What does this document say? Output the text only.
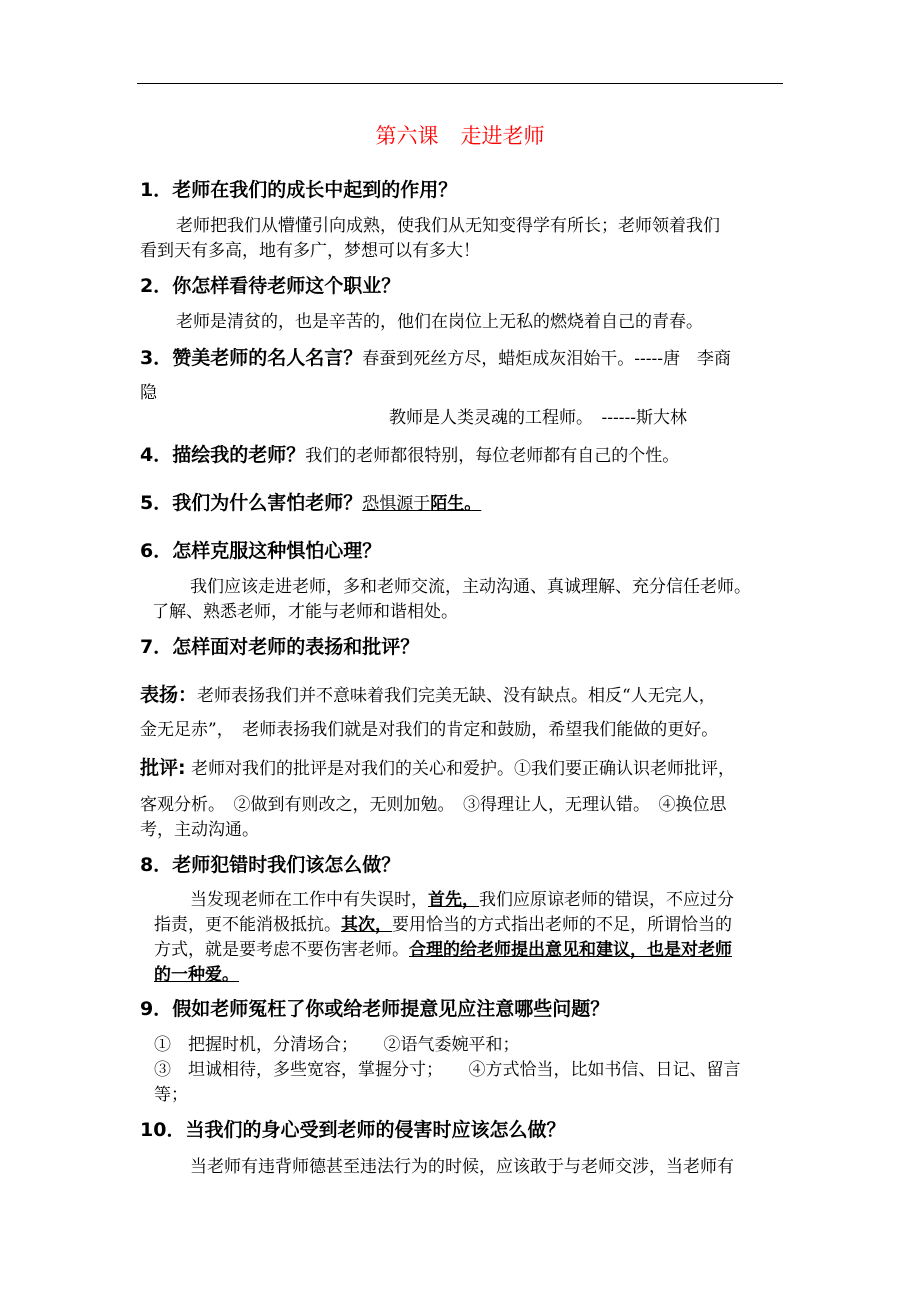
第六课 走进老师
1．老师在我们的成长中起到的作用？
老师把我们从懵懂引向成熟，使我们从无知变得学有所长；老师领着我们
看到天有多高，地有多广，梦想可以有多大！
2．你怎样看待老师这个职业？
老师是清贫的，也是辛苦的，他们在岗位上无私的燃烧着自己的青春。
3．赞美老师的名人名言？春蚕到死丝方尽，蜡炬成灰泪始干。-----唐　李商
隐
教师是人类灵魂的工程师。　------斯大林
4．描绘我的老师？我们的老师都很特别，每位老师都有自己的个性。
5．我们为什么害怕老师？恐惧源于陌生。
6．怎样克服这种惧怕心理？
我们应该走进老师，多和老师交流，主动沟通、真诚理解、充分信任老师。
了解、熟悉老师，才能与老师和谐相处。
7．怎样面对老师的表扬和批评？
表扬：老师表扬我们并不意味着我们完美无缺、没有缺点。相反“人无完人，
金无足赤”，　老师表扬我们就是对我们的肯定和鼓励，希望我们能做的更好。
批评: 老师对我们的批评是对我们的关心和爱护。①我们要正确认识老师批评，
客观分析。　②做到有则改之，无则加勉。　③得理让人，无理认错。　④换位思
考，主动沟通。
8．老师犯错时我们该怎么做？
当发现老师在工作中有失误时，首先，我们应原谅老师的错误，不应过分
指责，更不能消极抵抗。其次，要用恰当的方式指出老师的不足，所谓恰当的
方式，就是要考虑不要伤害老师。合理的给老师提出意见和建议，也是对老师
的一种爱。
9．假如老师冤枉了你或给老师提意见应注意哪些问题？
①　把握时机，分清场合；　　②语气委婉平和；
③　坦诚相待，多些宽容，掌握分寸；　　④方式恰当，比如书信、日记、留言
等；
10．当我们的身心受到老师的侵害时应该怎么做？
当老师有违背师德甚至违法行为的时候，应该敢于与老师交涉，当老师有
